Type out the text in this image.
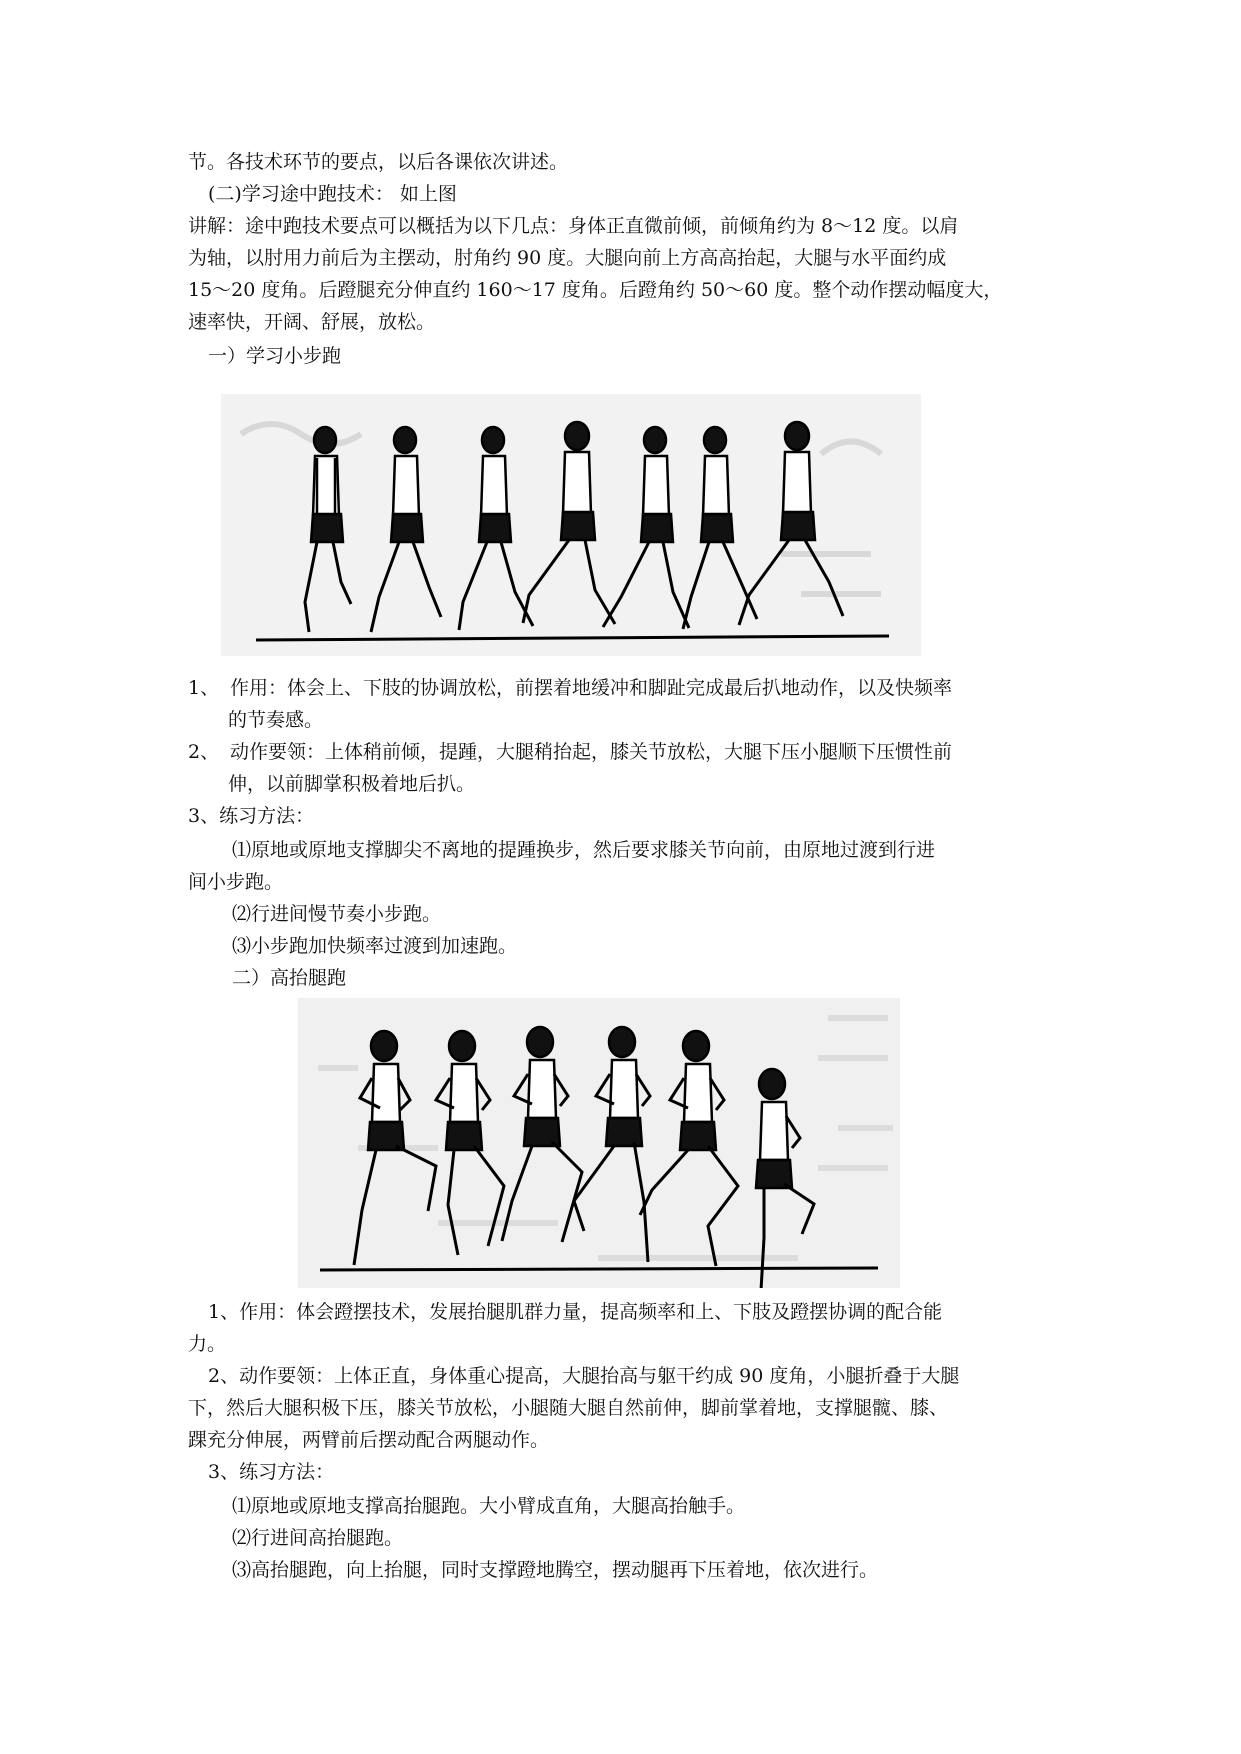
节。各技术环节的要点，以后各课依次讲述。
(二)学习途中跑技术： 如上图
讲解：途中跑技术要点可以概括为以下几点：身体正直微前倾，前倾角约为 8～12 度。以肩
为轴，以肘用力前后为主摆动，肘角约 90 度。大腿向前上方高高抬起，大腿与水平面约成
15～20 度角。后蹬腿充分伸直约 160～17 度角。后蹬角约 50～60 度。整个动作摆动幅度大，
速率快，开阔、舒展，放松。
一）学习小步跑
1、 作用：体会上、下肢的协调放松，前摆着地缓冲和脚趾完成最后扒地动作，以及快频率
的节奏感。
2、 动作要领：上体稍前倾，提踵，大腿稍抬起，膝关节放松，大腿下压小腿顺下压惯性前
伸，以前脚掌积极着地后扒。
3、练习方法：
⑴原地或原地支撑脚尖不离地的提踵换步，然后要求膝关节向前，由原地过渡到行进
间小步跑。
⑵行进间慢节奏小步跑。
⑶小步跑加快频率过渡到加速跑。
二）高抬腿跑
1、作用：体会蹬摆技术，发展抬腿肌群力量，提高频率和上、下肢及蹬摆协调的配合能
力。
2、动作要领：上体正直，身体重心提高，大腿抬高与躯干约成 90 度角，小腿折叠于大腿
下，然后大腿积极下压，膝关节放松，小腿随大腿自然前伸，脚前掌着地，支撑腿髋、膝、
踝充分伸展，两臂前后摆动配合两腿动作。
3、练习方法：
⑴原地或原地支撑高抬腿跑。大小臂成直角，大腿高抬触手。
⑵行进间高抬腿跑。
⑶高抬腿跑，向上抬腿，同时支撑蹬地腾空，摆动腿再下压着地，依次进行。
